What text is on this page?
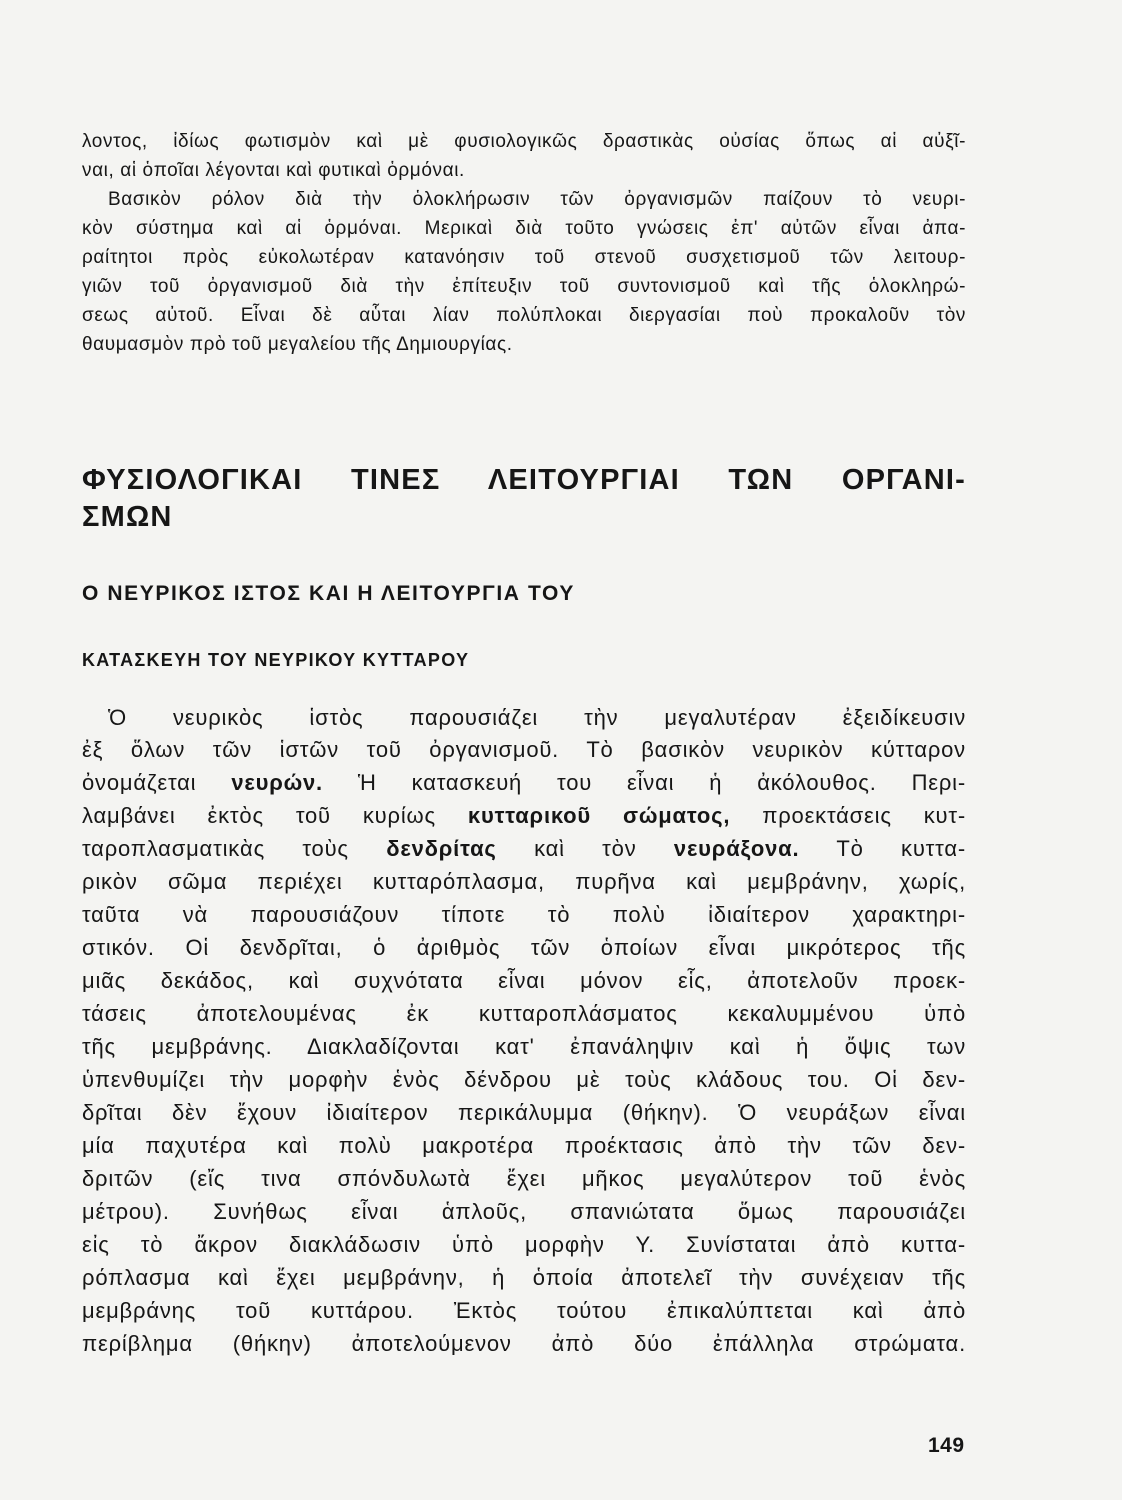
λοντος, ἰδίως φωτισμὸν καὶ μὲ φυσιολογικῶς δραστικὰς οὐσίας ὅπως αἱ αὐξῖ-
ναι, αἱ ὁποῖαι λέγονται καὶ φυτικαὶ ὁρμόναι.
Βασικὸν ρόλον διὰ τὴν ὁλοκλήρωσιν τῶν ὀργανισμῶν παίζουν τὸ νευρι-
κὸν σύστημα καὶ αἱ ὁρμόναι. Μερικαὶ διὰ τοῦτο γνώσεις ἐπ' αὐτῶν εἶναι ἀπα-
ραίτητοι πρὸς εὐκολωτέραν κατανόησιν τοῦ στενοῦ συσχετισμοῦ τῶν λειτουρ-
γιῶν τοῦ ὀργανισμοῦ διὰ τὴν ἐπίτευξιν τοῦ συντονισμοῦ καὶ τῆς ὁλοκληρώ-
σεως αὐτοῦ. Εἶναι δὲ αὗται λίαν πολύπλοκαι διεργασίαι ποὺ προκαλοῦν τὸν
θαυμασμὸν πρὸ τοῦ μεγαλείου τῆς Δημιουργίας.
ΦΥΣΙΟΛΟΓΙΚΑΙ ΤΙΝΕΣ ΛΕΙΤΟΥΡΓΙΑΙ ΤΩΝ ΟΡΓΑΝΙ-
ΣΜΩΝ
Ο ΝΕΥΡΙΚΟΣ ΙΣΤΟΣ ΚΑΙ Η ΛΕΙΤΟΥΡΓΙΑ ΤΟΥ
ΚΑΤΑΣΚΕΥΗ ΤΟΥ ΝΕΥΡΙΚΟΥ ΚΥΤΤΑΡΟΥ
Ὁ νευρικὸς ἱστὸς παρουσιάζει τὴν μεγαλυτέραν ἐξειδίκευσιν
ἐξ ὅλων τῶν ἱστῶν τοῦ ὀργανισμοῦ. Τὸ βασικὸν νευρικὸν κύτταρον
ὀνομάζεται νευρών. Ἡ κατασκευή του εἶναι ἡ ἀκόλουθος. Περι-
λαμβάνει ἐκτὸς τοῦ κυρίως κυτταρικοῦ σώματος, προεκτάσεις κυτ-
ταροπλασματικὰς τοὺς δενδρίτας καὶ τὸν νευράξονα. Τὸ κυττα-
ρικὸν σῶμα περιέχει κυτταρόπλασμα, πυρῆνα καὶ μεμβράνην, χωρίς,
ταῦτα νὰ παρουσιάζουν τίποτε τὸ πολὺ ἰδιαίτερον χαρακτηρι-
στικόν. Οἱ δενδρῖται, ὁ ἀριθμὸς τῶν ὁποίων εἶναι μικρότερος τῆς
μιᾶς δεκάδος, καὶ συχνότατα εἶναι μόνον εἷς, ἀποτελοῦν προεκ-
τάσεις ἀποτελουμένας ἐκ κυτταροπλάσματος κεκαλυμμένου ὑπὸ
τῆς μεμβράνης. Διακλαδίζονται κατ' ἐπανάληψιν καὶ ἡ ὄψις των
ὑπενθυμίζει τὴν μορφὴν ἑνὸς δένδρου μὲ τοὺς κλάδους του. Οἱ δεν-
δρῖται δὲν ἔχουν ἰδιαίτερον περικάλυμμα (θήκην). Ὁ νευράξων εἶναι
μία παχυτέρα καὶ πολὺ μακροτέρα προέκτασις ἀπὸ τὴν τῶν δεν-
δριτῶν (εἴς τινα σπόνδυλωτὰ ἔχει μῆκος μεγαλύτερον τοῦ ἑνὸς
μέτρου). Συνήθως εἶναι ἁπλοῦς, σπανιώτατα ὅμως παρουσιάζει
εἰς τὸ ἄκρον διακλάδωσιν ὑπὸ μορφὴν Υ. Συνίσταται ἀπὸ κυττα-
ρόπλασμα καὶ ἔχει μεμβράνην, ἡ ὁποία ἀποτελεῖ τὴν συνέχειαν τῆς
μεμβράνης τοῦ κυττάρου. Ἐκτὸς τούτου ἐπικαλύπτεται καὶ ἀπὸ
περίβλημα (θήκην) ἀποτελούμενον ἀπὸ δύο ἐπάλληλα στρώματα.
149
